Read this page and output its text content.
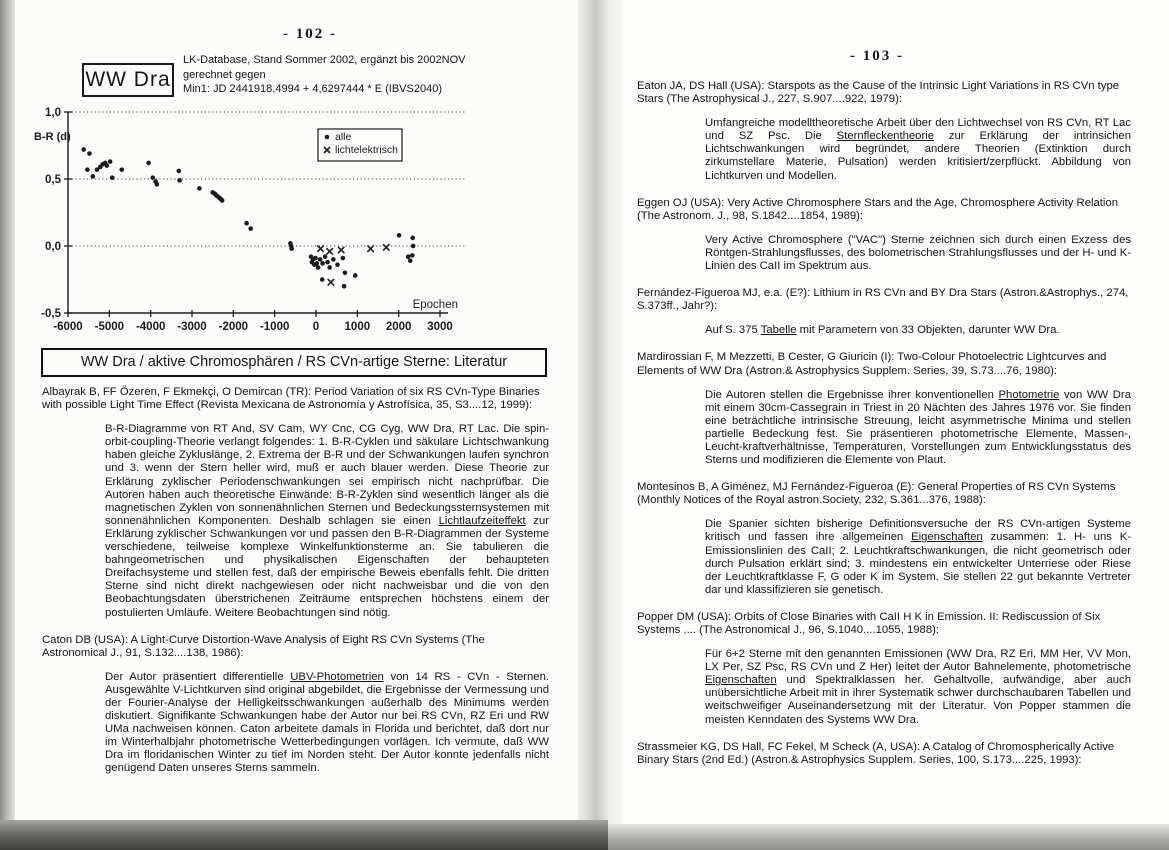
- 102 -
WW Dra
LK-Database, Stand Sommer 2002, ergänzt bis 2002NOV
gerechnet gegen
Min1: JD 2441918,4994 + 4,6297444 * E (IBVS2040)
1,0
0,5
0,0
-0,5
-6000 -5000 -4000 -3000 -2000 -1000 0 1000 2000 3000
B-R (d)
Epochen
alle
lichtelektrisch
WW Dra / aktive Chromosphären / RS CVn-artige Sterne: Literatur
Albayrak B, FF Özeren, F Ekmekçi, O Demircan (TR): Period Variation of six RS CVn-Type Binaries with possible Light Time Effect (Revista Mexicana de Astronomía y Astrofísica, 35, S3....12, 1999):

B-R-Diagramme von RT And, SV Cam, WY Cnc, CG Cyg, WW Dra, RT Lac. Die spin-orbit-coupling-Theorie verlangt folgendes: 1. B-R-Cyklen und säkulare Lichtschwankung haben gleiche Zykluslänge, 2. Extrema der B-R und der Schwankungen laufen synchron und 3. wenn der Stern heller wird, muß er auch blauer werden. Diese Theorie zur Erklärung zyklischer Periodenschwankungen sei empirisch nicht nachprüfbar. Die Autoren haben auch theoretische Einwände: B-R-Zyklen sind wesentlich länger als die magnetischen Zyklen von sonnenähnlichen Sternen und Bedeckungssternsystemen mit sonnenähnlichen Komponenten. Deshalb schlagen sie einen Lichtlaufzeiteffekt zur Erklärung zyklischer Schwankungen vor und passen den B-R-Diagrammen der Systeme verschiedene, teilweise komplexe Winkelfunktionsterme an. Sie tabulieren die bahngeometrischen und physikalischen Eigenschaften der behaupteten Dreifachsysteme und stellen fest, daß der empirische Beweis ebenfalls fehlt. Die dritten Sterne sind nicht direkt nachgewiesen oder nicht nachweisbar und die von den Beobachtungsdaten überstrichenen Zeiträume entsprechen höchstens einem der postulierten Umläufe. Weitere Beobachtungen sind nötig.

Caton DB (USA): A Light-Curve Distortion-Wave Analysis of Eight RS CVn Systems (The Astronomical J., 91, S.132....138, 1986):

Der Autor präsentiert differentielle UBV-Photometrien von 14 RS - CVn - Sternen. Ausgewählte V-Lichtkurven sind original abgebildet, die Ergebnisse der Vermessung und der Fourier-Analyse der Helligkeitsschwankungen außerhalb des Minimums werden diskutiert. Signifikante Schwankungen habe der Autor nur bei RS CVn, RZ Eri und RW UMa nachweisen können. Caton arbeitete damals in Florida und berichtet, daß dort nur im Winterhalbjahr photometrische Wetterbedingungen vorlägen. Ich vermute, daß WW Dra im floridanischen Winter zu tief im Norden steht. Der Autor konnte jedenfalls nicht genügend Daten unseres Sterns sammeln.

- 103 -
Eaton JA, DS Hall (USA): Starspots as the Cause of the Intrinsic Light Variations in RS CVn type Stars (The Astrophysical J., 227, S.907....922, 1979):

Umfangreiche modelltheoretische Arbeit über den Lichtwechsel von RS CVn, RT Lac und SZ Psc. Die Sternfleckentheorie zur Erklärung der intrinsichen Lichtschwankungen wird begründet, andere Theorien (Extinktion durch zirkumstellare Materie, Pulsation) werden kritisiert/zerpflückt. Abbildung von Lichtkurven und Modellen.

Eggen OJ (USA): Very Active Chromosphere Stars and the Age, Chromosphere Activity Relation (The Astronom. J., 98, S.1842....1854, 1989):

Very Active Chromosphere ("VAC") Sterne zeichnen sich durch einen Exzess des Röntgen-Strahlungsflusses, des bolometrischen Strahlungsflusses und der H- und K-Linien des CaII im Spektrum aus.

Fernández-Figueroa MJ, e.a. (E?): Lithium in RS CVn and BY Dra Stars (Astron.&Astrophys., 274, S.373ff., Jahr?):

Auf S. 375 Tabelle mit Parametern von 33 Objekten, darunter WW Dra.

Mardirossian F, M Mezzetti, B Cester, G Giuricin (I): Two-Colour Photoelectric Lightcurves and Elements of WW Dra (Astron.& Astrophysics Supplem. Series, 39, S.73....76, 1980):

Die Autoren stellen die Ergebnisse ihrer konventionellen Photometrie von WW Dra mit einem 30cm-Cassegrain in Triest in 20 Nächten des Jahres 1976 vor. Sie finden eine beträchtliche intrinsische Streuung, leicht asymmetrische Minima und stellen partielle Bedeckung fest. Sie präsentieren photometrische Elemente, Massen-, Leucht-kraftverhältnisse, Temperaturen, Vorstellungen zum Entwicklungsstatus des Sterns und modifizieren die Elemente von Plaut.

Montesinos B, A Giménez, MJ Fernández-Figueroa (E): General Properties of RS CVn Systems (Monthly Notices of the Royal astron.Society, 232, S.361...376, 1988):

Die Spanier sichten bisherige Definitionsversuche der RS CVn-artigen Systeme kritisch und fassen ihre allgemeinen Eigenschaften zusammen: 1. H- uns K-Emissionslinien des CaII; 2. Leuchtkraftschwankungen, die nicht geometrisch oder durch Pulsation erklärt sind; 3. mindestens ein entwickelter Unterriese oder Riese der Leuchtkraftklasse F, G oder K im System. Sie stellen 22 gut bekannte Vertreter dar und klassifizieren sie genetisch.

Popper DM (USA): Orbits of Close Binaries with CaII H K in Emission. II: Rediscussion of Six Systems .... (The Astronomical J., 96, S.1040....1055, 1988):

Für 6+2 Sterne mit den genannten Emissionen (WW Dra, RZ Eri, MM Her, VV Mon, LX Per, SZ Psc, RS CVn und Z Her) leitet der Autor Bahnelemente, photometrische Eigenschaften und Spektralklassen her. Gehaltvolle, aufwändige, aber auch unübersichtliche Arbeit mit in ihrer Systematik schwer durchschaubaren Tabellen und weitschweifiger Auseinandersetzung mit der Literatur. Von Popper stammen die meisten Kenndaten des Systems WW Dra.

Strassmeier KG, DS Hall, FC Fekel, M Scheck (A, USA): A Catalog of Chromospherically Active Binary Stars (2nd Ed.) (Astron.& Astrophysics Supplem. Series, 100, S.173....225, 1993):
